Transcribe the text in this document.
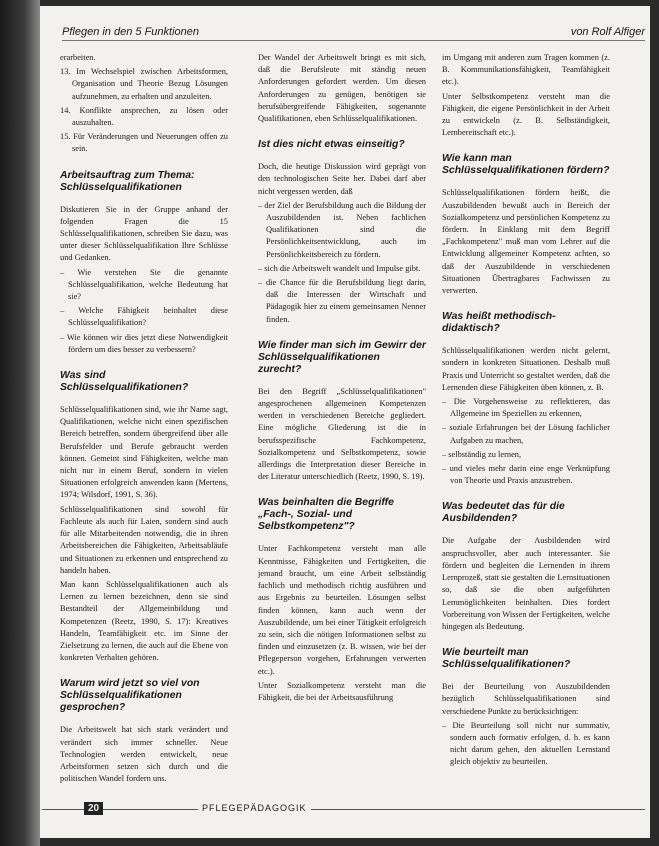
Pflegen in den 5 Funktionen	von Rolf Alfiger

erarbeiten.

13. Im Wechselspiel zwischen Arbeitsformen, Organisation und Theorie Bezug Lösungen aufzunehmen, zu erhalten und anzuleiten.

14. Konflikte ansprechen, zu lösen oder auszuhalten.

15. Für Veränderungen und Neuerungen offen zu sein.

Arbeitsauftrag zum Thema: Schlüsselqualifikationen

Diskutieren Sie in der Gruppe anhand der folgenden Fragen die 15 Schlüsselqualifikationen, schreiben Sie dazu, was unter dieser Schlüsselqualifikation Ihre Schlüsse und Gedanken.

– Wie verstehen Sie die genannte Schlüsselqualifikation, welche Bedeutung hat sie?

– Welche Fähigkeit beinhaltet diese Schlüsselqualifikation?

– Wie können wir dies jetzt diese Notwendigkeit fördern um dies besser zu verbessern?

Was sind Schlüsselqualifikationen?

Schlüsselqualifikationen sind, wie ihr Name sagt, Qualifikationen, welche nicht einen spezifischen Bereich betreffen, sondern übergreifend über alle Berufsfelder und Berufe gebraucht werden können. Gemeint sind Fähigkeiten, welche man nicht nur in einem Beruf, sondern in vielen Situationen erfolgreich anwenden kann (Mertens, 1974; Wilsdorf, 1991, S. 36).

Schlüsselqualifikationen sind sowohl für Fachleute als auch für Laien, sondern sind auch für alle Mitarbeitenden notwendig, die in ihren Arbeitsbereichen die Fähigkeiten, Arbeitsabläufe und Situationen zu erkennen und entsprechend zu handeln haben.

Man kann Schlüsselqualifikationen auch als Lernen zu lernen bezeichnen, denn sie sind Bestandteil der Allgemeinbildung und Kompetenzen (Reetz, 1990, S. 17): Kreatives Handeln, Teamfähigkeit etc. im Sinne der Zielsetzung zu lernen, die auch auf die Ebene von konkreten Verhalten gehören.

Warum wird jetzt so viel von Schlüsselqualifikationen gesprochen?

Die Arbeitswelt hat sich stark verändert und verändert sich immer schneller. Neue Technologien werden entwickelt, neue Arbeitsformen setzen sich durch und die politischen Wandel fordern uns.

Der Wandel der Arbeitswelt bringt es mit sich, daß die Berufsleute mit ständig neuen Anforderungen gefordert werden. Um diesen Anforderungen zu genügen, benötigen sie berufsübergreifende Fähigkeiten, sogenannte Qualifikationen, eben Schlüsselqualifikationen.

Ist dies nicht etwas einseitig?

Doch, die heutige Diskussion wird geprägt von den technologischen Seite her. Dabei darf aber nicht vergessen werden, daß

– der Ziel der Berufsbildung auch die Bildung der Auszubildenden ist. Neben fachlichen Qualifikationen sind die Persönlichkeitsentwicklung, auch im Persönlichkeitsbereich zu fördern.

– sich die Arbeitswelt wandelt und Impulse gibt.

– die Chance für die Berufsbildung liegt darin, daß die Interessen der Wirtschaft und Pädagogik hier zu einem gemeinsamen Nenner finden.

Wie finder man sich im Gewirr der Schlüsselqualifikationen zurecht?

Bei den Begriff „Schlüsselqualifikationen" angesprochenen allgemeinen Kompetenzen werden in verschiedenen Bereiche gegliedert. Eine mögliche Gliederung ist die in berufsspezifische Fachkompetenz, Sozialkompetenz und Selbstkompetenz, sowie allerdings die Interpretation dieser Bereiche in der Literatur unterschiedlich (Reetz, 1990, S. 19).

Was beinhalten die Begriffe „Fach-, Sozial- und Selbstkompetenz"?

Unter Fachkompetenz versteht man alle Kenntnisse, Fähigkeiten und Fertigkeiten, die jemand braucht, um eine Arbeit selbständig fachlich und methodisch richtig ausführen und aus Ergebnis zu beurteilen. Lösungen selbst finden können, kann auch wenn der Auszubildende, um bei einer Tätigkeit erfolgreich zu sein, sich die nötigen Informationen selbst zu finden und einzusetzen (z. B. wissen, wie bei der Pflegeperson vorgehen, Erfahrungen verwerten etc.).

Unter Sozialkompetenz versteht man die Fähigkeit, die bei der Arbeitsausführung

im Umgang mit anderen zum Tragen kommen (z. B. Kommunikationsfähigkeit, Teamfähigkeit etc.).

Unter Selbstkompetenz versteht man die Fähigkeit, die eigene Persönlichkeit in der Arbeit zu entwickeln (z. B. Selbständigkeit, Lernbereitschaft etc.).

Wie kann man Schlüsselqualifikationen fördern?

Schlüsselqualifikationen fördern heißt, die Auszubildenden bewußt auch in Bereich der Sozialkompetenz und persönlichen Kompetenz zu fördern. In Einklang mit dem Begriff „Fachkompetenz" muß man vom Lehrer auf die Entwicklung allgemeiner Kompetenz achten, so daß der Auszubildende in verschiedenen Situationen Übertragbares Fachwissen zu verwerten.

Was heißt methodisch-didaktisch?

Schlüsselqualifikationen werden nicht gelernt, sondern in konkreten Situationen. Deshalb muß Praxis und Unterricht so gestaltet werden, daß die Lernenden diese Fähigkeiten üben können, z. B.

– Die Vorgehensweise zu reflektieren, das Allgemeine im Speziellen zu erkennen,

– soziale Erfahrungen bei der Lösung fachlicher Aufgaben zu machen,

– selbständig zu lernen,

– und vieles mehr darin eine enge Verknüpfung von Theorie und Praxis anzustreben.

Was bedeutet das für die Ausbildenden?

Die Aufgabe der Ausbildenden wird anspruchsvoller, aber auch interessanter. Sie fördern und begleiten die Lernenden in ihrem Lernprozeß, statt sie gestalten die Lernsituationen so, daß sie die oben aufgeführten Lernmöglichkeiten beinhalten. Dies fordert Vorbereitung von Wissen der Fertigkeiten, welche hingegen als Bedeutung.

Wie beurteilt man Schlüsselqualifikationen?

Bei der Beurteilung von Auszubildenden bezüglich Schlüsselqualifikationen sind verschiedene Punkte zu berücksichtigen:

– Die Beurteilung soll nicht nur summativ, sondern auch formativ erfolgen, d. h. es kann nicht darum gehen, den aktuellen Lernstand gleich objektiv zu beurteilen.

20	PFLEGEPÄDAGOGIK
